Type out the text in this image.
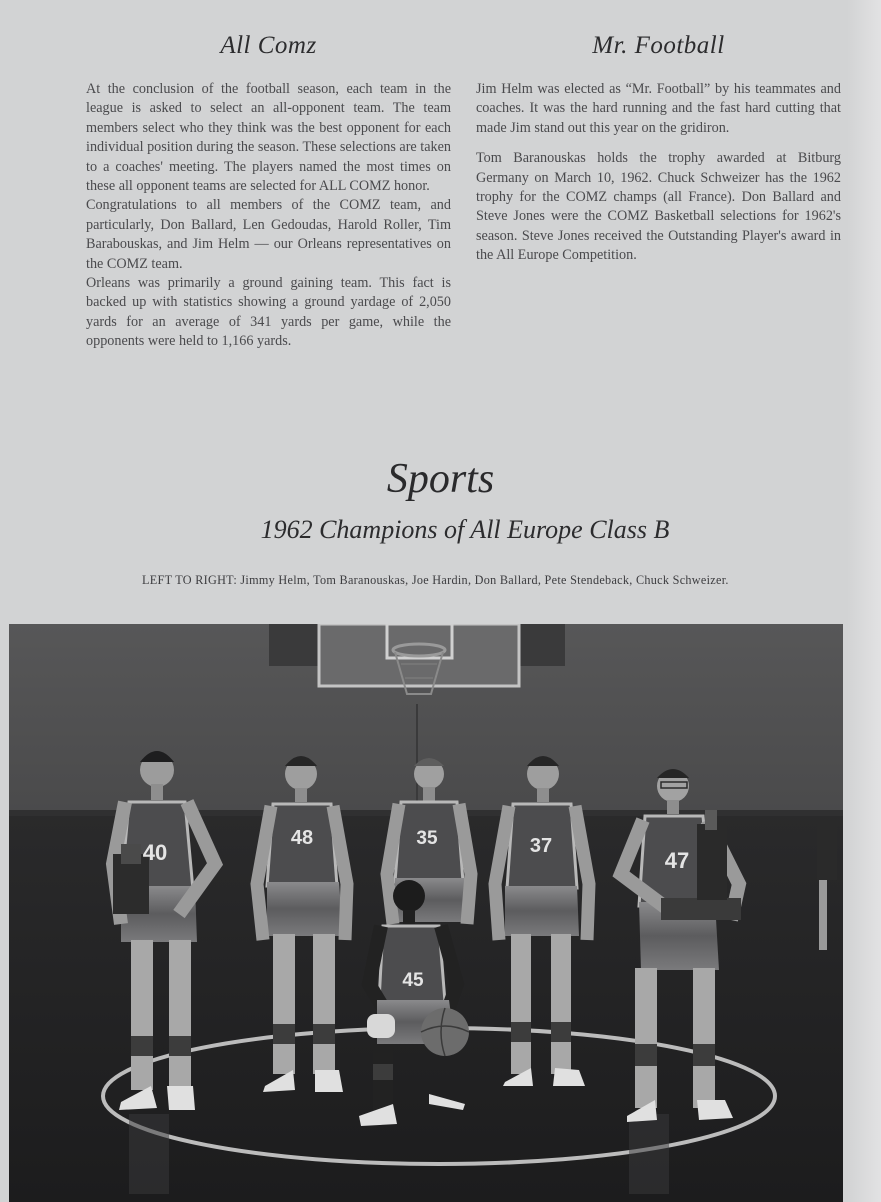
All Comz

At the conclusion of the football season, each team in the league is asked to select an all-opponent team. The team members select who they think was the best opponent for each individual position during the season. These selections are taken to a coaches' meeting. The players named the most times on these all opponent teams are selected for ALL COMZ honor.

Congratulations to all members of the COMZ team, and particularly, Don Ballard, Len Gedoudas, Harold Roller, Tim Barabouskas, and Jim Helm — our Orleans representatives on the COMZ team.

Orleans was primarily a ground gaining team. This fact is backed up with statistics showing a ground yardage of 2,050 yards for an average of 341 yards per game, while the opponents were held to 1,166 yards.

Mr. Football

Jim Helm was elected as “Mr. Football” by his teammates and coaches. It was the hard running and the fast hard cutting that made Jim stand out this year on the gridiron.

Tom Baranouskas holds the trophy awarded at Bitburg Germany on March 10, 1962. Chuck Schweizer has the 1962 trophy for the COMZ champs (all France). Don Ballard and Steve Jones were the COMZ Basketball selections for 1962's season. Steve Jones received the Outstanding Player's award in the All Europe Competition.

Sports
1962 Champions of All Europe Class B

LEFT TO RIGHT: Jimmy Helm, Tom Baranouskas, Joe Hardin, Don Ballard, Pete Stendeback, Chuck Schweizer.

40
48	35
45
37
47
